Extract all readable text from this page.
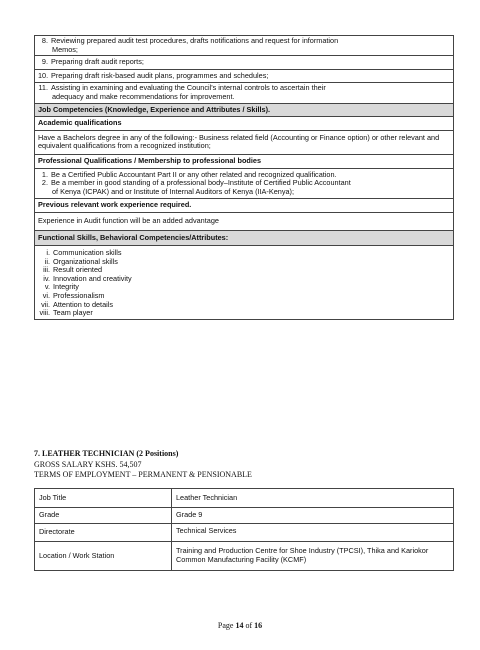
8. Reviewing prepared audit test procedures, drafts notifications and request for information
Memos;

9. Preparing draft audit reports;
10. Preparing draft risk-based audit plans, programmes and schedules;
11. Assisting in examining and evaluating the Council's internal controls to ascertain their
adequacy and make recommendations for improvement.

Job Competencies (Knowledge, Experience and Attributes / Skills).
Academic qualifications
Have a Bachelors degree in any of the following:- Business related field (Accounting or Finance option) or other relevant and equivalent qualifications from a recognized institution;
Professional Qualifications / Membership to professional bodies

1. Be a Certified Public Accountant Part II or any other related and recognized qualification.
2. Be a member in good standing of a professional body–Institute of Certified Public Accountant
of Kenya (ICPAK) and or Institute of Internal Auditors of Kenya (IIA-Kenya);

Previous relevant work experience required.
Experience in Audit function will be an added advantage
Functional Skills, Behavioral Competencies/Attributes:

i. Communication skills
ii. Organizational skills
iii. Result oriented
iv. Innovation and creativity
v. Integrity
vi. Professionalism
vii. Attention to details
viii. Team player
7. LEATHER TECHNICIAN (2 Positions)
GROSS SALARY KSHS. 54,507
TERMS OF EMPLOYMENT – PERMANENT & PENSIONABLE
Job Title	Leather Technician
Grade	Grade 9
Directorate	Technical Services
Location / Work Station	Training and Production Centre for Shoe Industry (TPCSI), Thika and Kariokor Common Manufacturing Facility (KCMF)
Page 14 of 16
